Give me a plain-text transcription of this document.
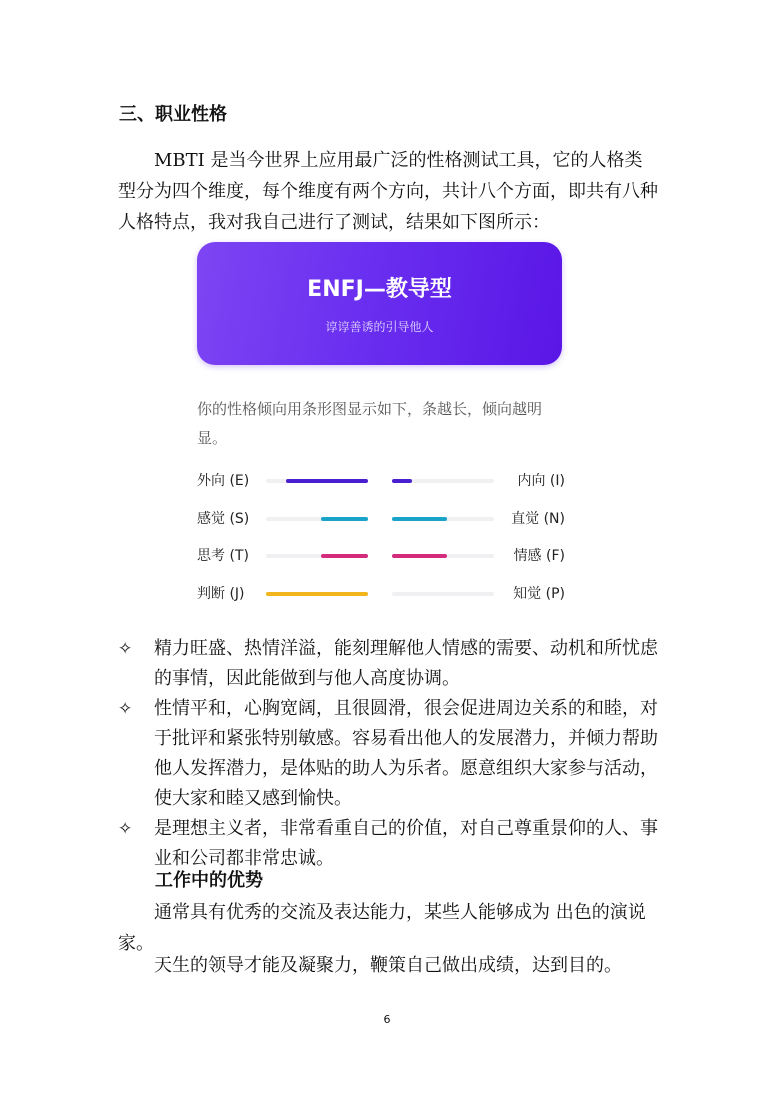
三、职业性格

MBTI 是当今世界上应用最广泛的性格测试工具，它的人格类型分为四个维度，每个维度有两个方向，共计八个方面，即共有八种人格特点，我对我自己进行了测试，结果如下图所示：

ENFJ—教导型
谆谆善诱的引导他人
你的性格倾向用条形图显示如下，条越长，倾向越明显。
外向 (E)	内向 (I)
感觉 (S)	直觉 (N)
思考 (T)	情感 (F)
判断 (J)	知觉 (P)
✧ 精力旺盛、热情洋溢，能刻理解他人情感的需要、动机和所忧虑的事情，因此能做到与他人高度协调。
✧ 性情平和，心胸宽阔，且很圆滑，很会促进周边关系的和睦，对于批评和紧张特别敏感。容易看出他人的发展潜力，并倾力帮助他人发挥潜力，是体贴的助人为乐者。愿意组织大家参与活动，使大家和睦又感到愉快。
✧ 是理想主义者，非常看重自己的价值，对自己尊重景仰的人、事业和公司都非常忠诚。
工作中的优势

通常具有优秀的交流及表达能力，某些人能够成为 出色的演说家。

天生的领导才能及凝聚力，鞭策自己做出成绩，达到目的。

6
